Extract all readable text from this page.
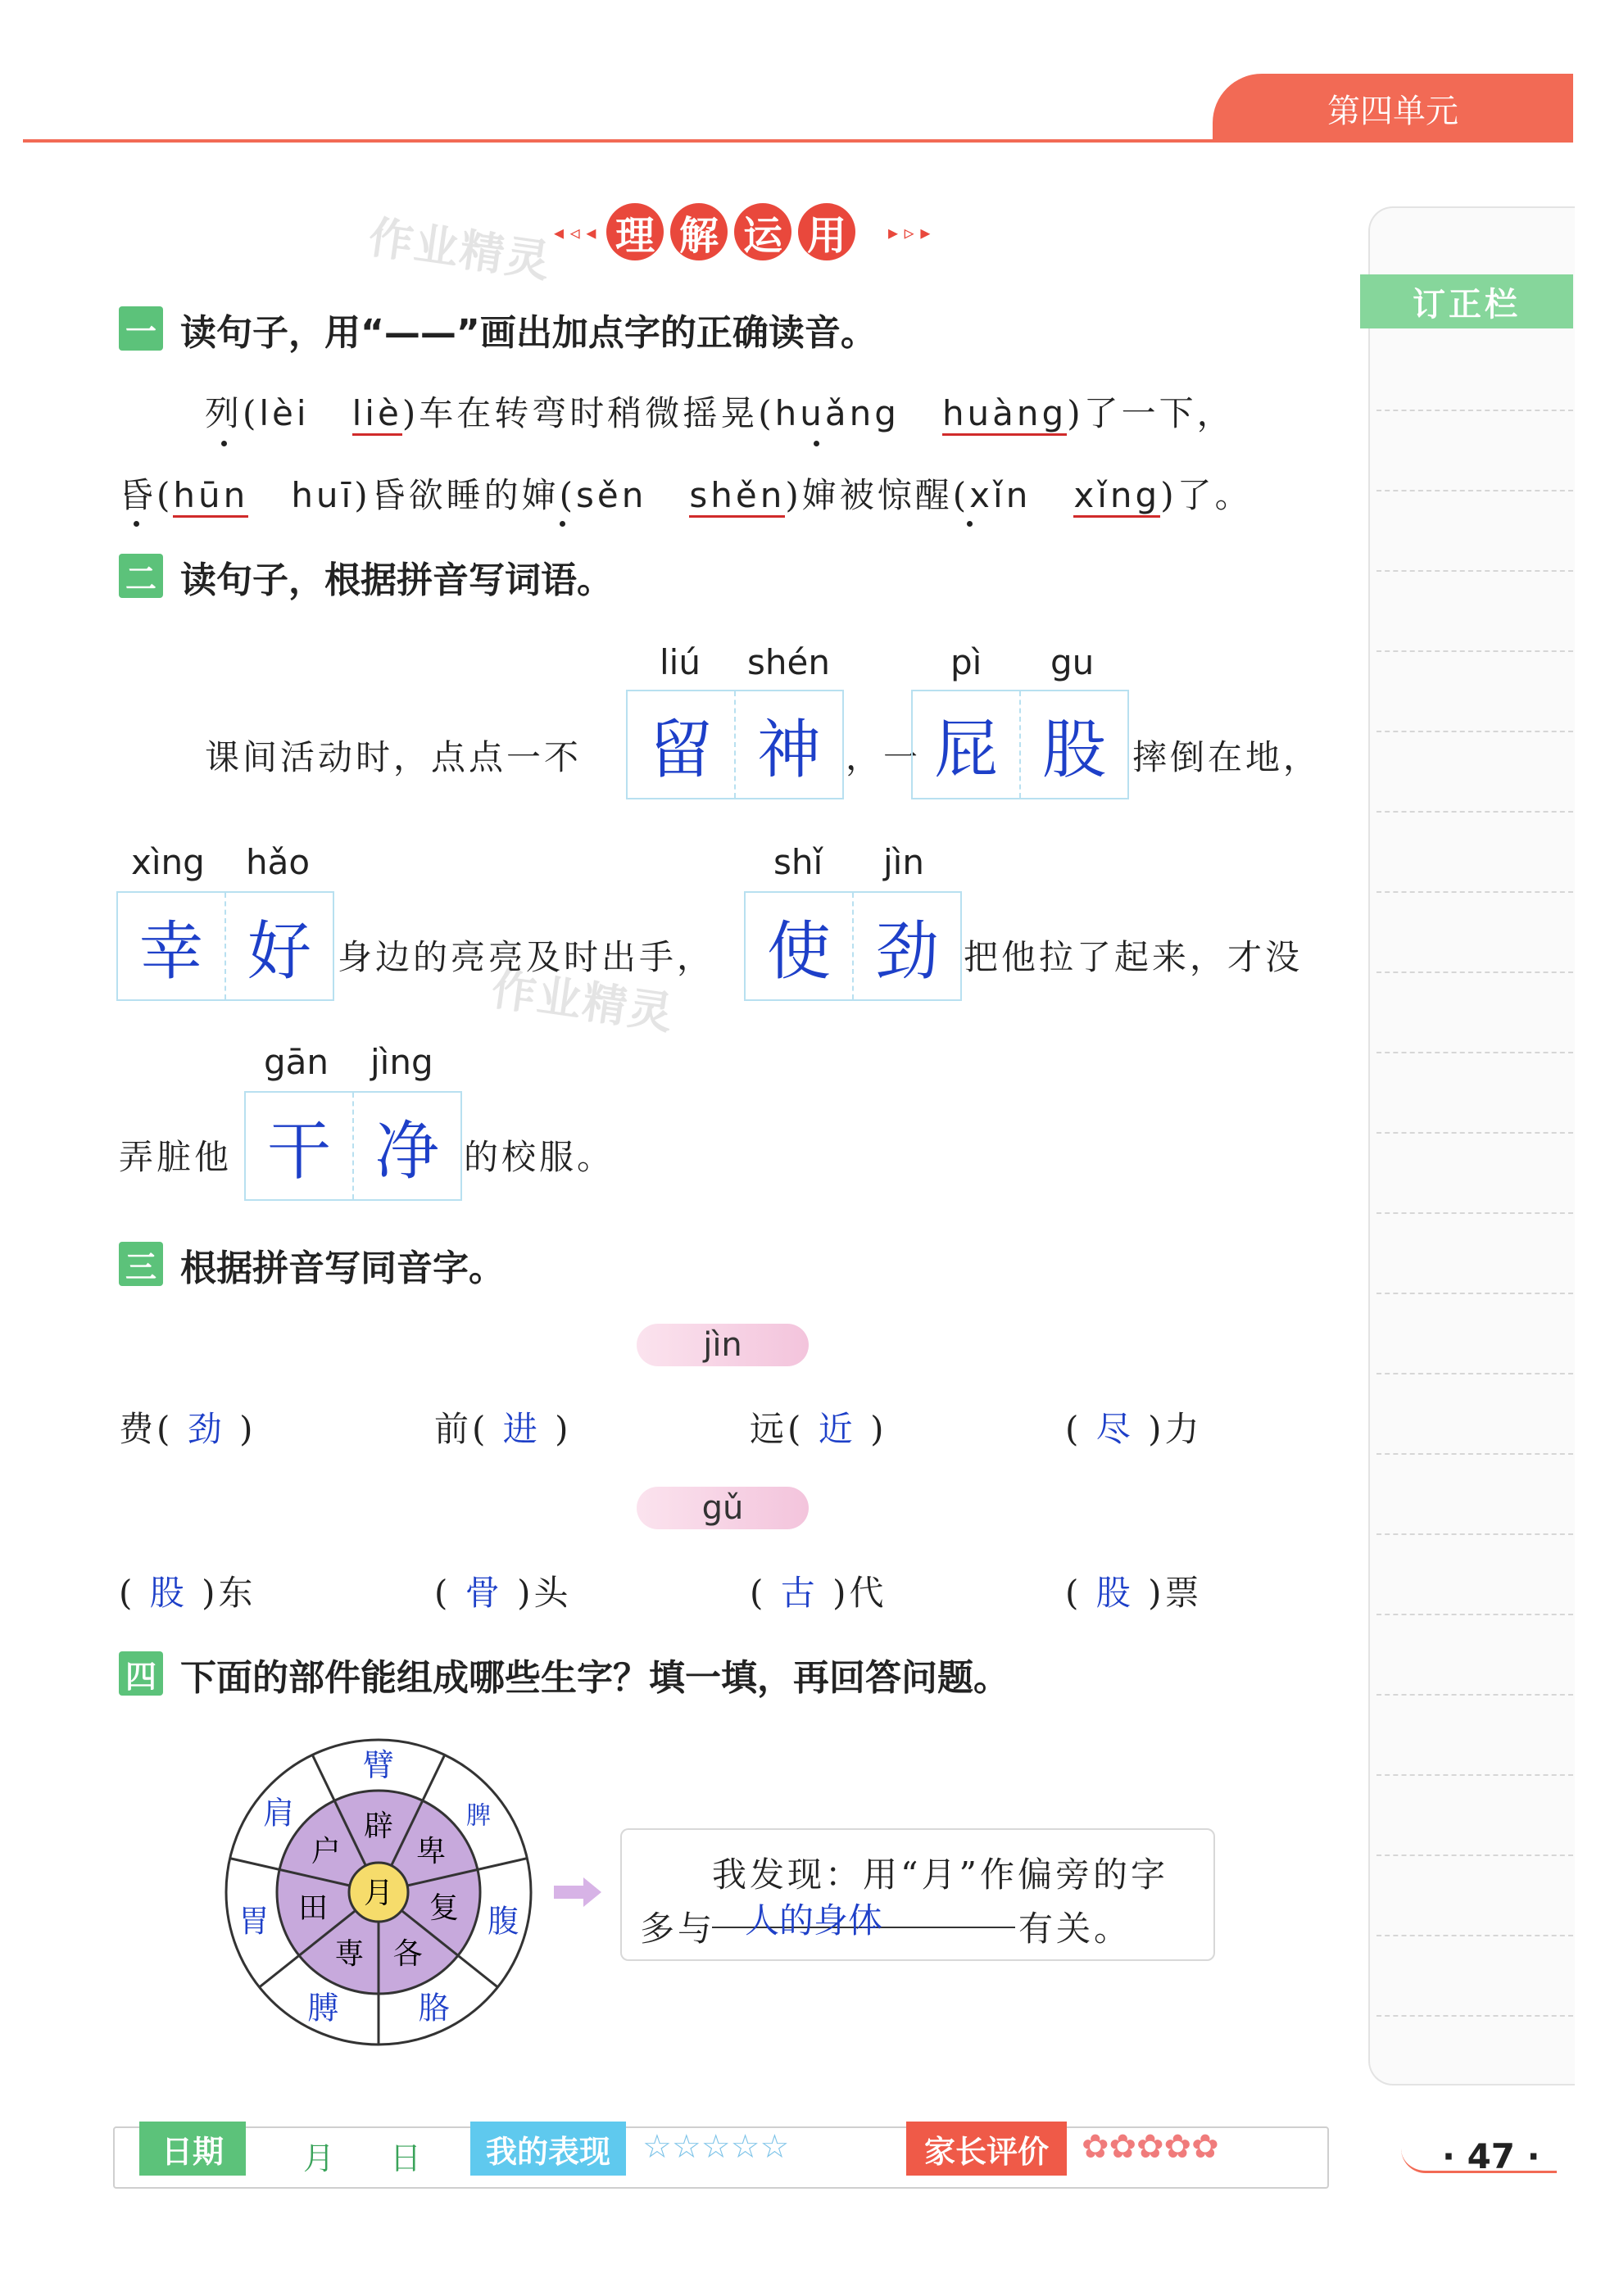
第四单元
作业精灵
作业精灵
◂ ◃ ◂ 理 解 运 用	▸ ▹ ▸
订正栏
一 读句子，用“——”画出加点字的正确读音。
列(lèi liè)车在转弯时稍微摇晃(huǎng huàng)了一下，
昏(hūn huī)昏欲睡的婶(sěn shěn)婶被惊醒(xǐn xǐng)了。
二 读句子，根据拼音写词语。
liú shén	pì gu
课间活动时，点点一不	留 神 ，一 屁 股 摔倒在地，
xìng hǎo	shǐ jìn
幸 好 身边的亮亮及时出手， 使 劲 把他拉了起来，才没
gān jìng
弄脏他 干 净 的校服。
三 根据拼音写同音字。
jìn
费( 劲 )	前( 进 )	远( 近 )	( 尽 )力
gǔ
( 股 )东	( 骨 )头	( 古 )代	( 股 )票
四 下面的部件能组成哪些生字？填一填，再回答问题。
月
卑
复
各
専
田
户
辟	脾
腹
胳
膊
胃
肩
臂
我发现：用“月”作偏旁的字
多与 人的身体	有关。
日期	月 日	我的表现 ☆☆☆☆☆	家长评价	✿✿✿✿✿	· 47 ·
